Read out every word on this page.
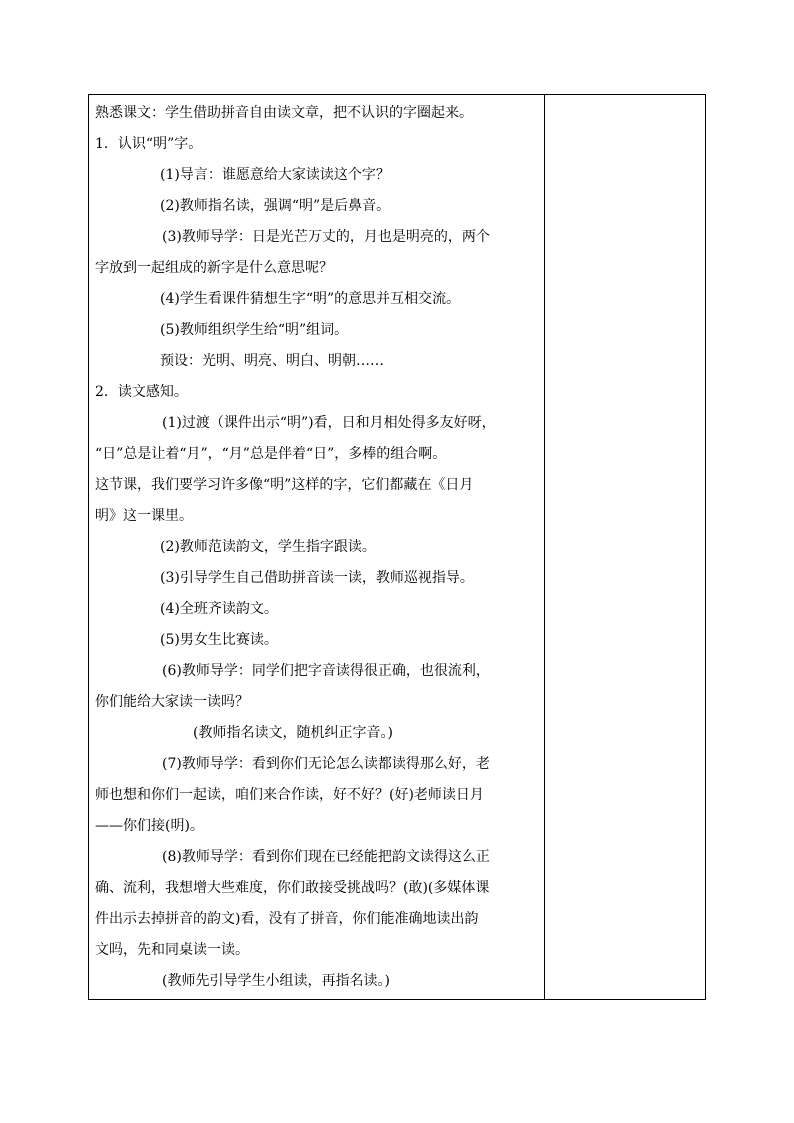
熟悉课文：学生借助拼音自由读文章，把不认识的字圈起来。

1．认识“明”字。

(1)导言：谁愿意给大家读读这个字？

(2)教师指名读，强调“明”是后鼻音。

(3)教师导学：日是光芒万丈的，月也是明亮的，两个

字放到一起组成的新字是什么意思呢？

(4)学生看课件猜想生字“明”的意思并互相交流。

(5)教师组织学生给“明”组词。

预设：光明、明亮、明白、明朝……

2．读文感知。

(1)过渡（课件出示“明”)看，日和月相处得多友好呀，

“日”总是让着“月”，“月”总是伴着“日”，多棒的组合啊。

这节课，我们要学习许多像“明”这样的字，它们都藏在《日月

明》这一课里。

(2)教师范读韵文，学生指字跟读。

(3)引导学生自己借助拼音读一读，教师巡视指导。

(4)全班齐读韵文。

(5)男女生比赛读。

(6)教师导学：同学们把字音读得很正确，也很流利，

你们能给大家读一读吗？

(教师指名读文，随机纠正字音。)

(7)教师导学：看到你们无论怎么读都读得那么好，老

师也想和你们一起读，咱们来合作读，好不好？(好)老师读日月

——你们接(明)。

(8)教师导学：看到你们现在已经能把韵文读得这么正

确、流利，我想增大些难度，你们敢接受挑战吗？(敢)(多媒体课

件出示去掉拼音的韵文)看，没有了拼音，你们能准确地读出韵

文吗，先和同桌读一读。

(教师先引导学生小组读，再指名读。)
